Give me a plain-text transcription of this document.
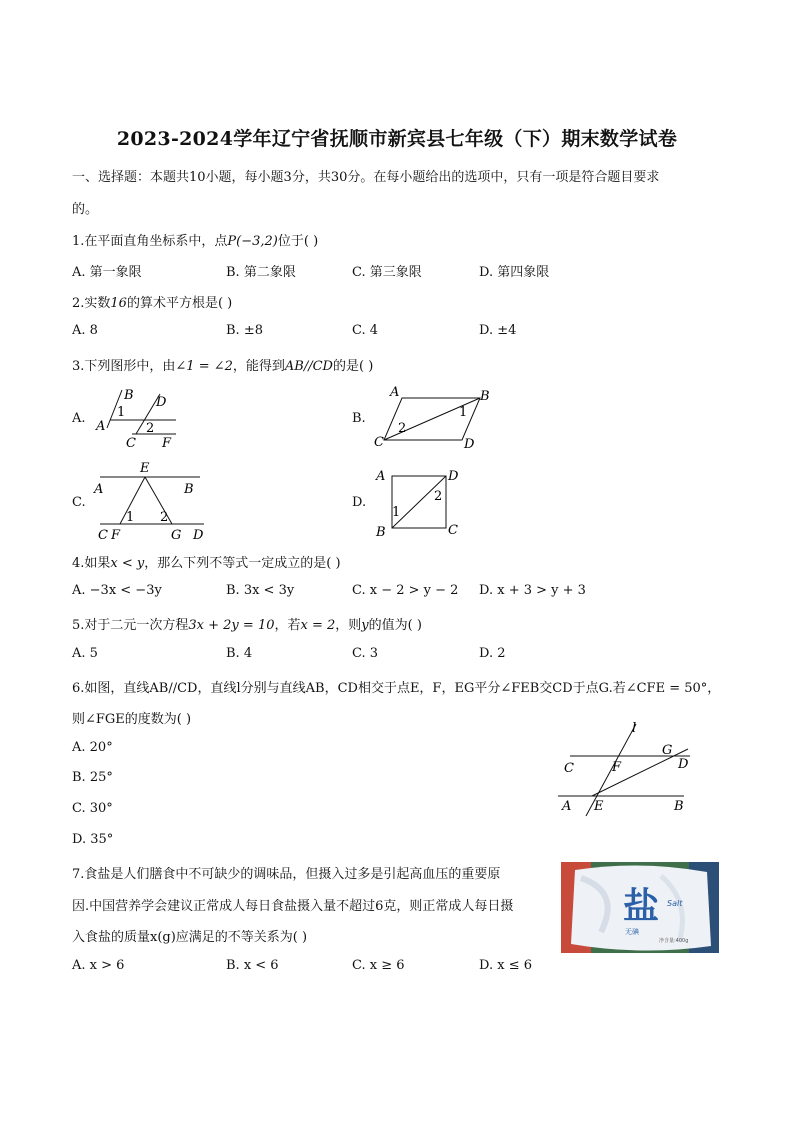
2023-2024学年辽宁省抚顺市新宾县七年级（下）期末数学试卷
一、选择题：本题共10小题，每小题3分，共30分。在每小题给出的选项中，只有一项是符合题目要求
的。
1.在平面直角坐标系中，点P(−3,2)位于( )
A. 第一象限	B. 第二象限	C. 第三象限	D. 第四象限
2.实数16的算术平方根是( )
A. 8	B. ±8	C. 4	D. ±4
3.下列图形中，由∠1 = ∠2，能得到AB//CD的是( )
A.
B D
1
A	2
C F
B.
A	B
1
2
C	D
C.
E
A	B
1 2
C F	G D
D.
A	D
2
1
B	C
4.如果x < y，那么下列不等式一定成立的是( )
A. −3x < −3y	B. 3x < 3y	C. x − 2 > y − 2 D. x + 3 > y + 3
5.对于二元一次方程3x + 2y = 10，若x = 2，则y的值为( )
A. 5	B. 4	C. 3	D. 2
6.如图，直线AB//CD，直线l分别与直线AB，CD相交于点E，F，EG平分∠FEB交CD于点G.若∠CFE = 50°，
则∠FGE的度数为( )
A. 20°
B. 25°
C. 30°
D. 35°
l
G
C	F	D
A E	B
7.食盐是人们膳食中不可缺少的调味品，但摄入过多是引起高血压的重要原
因.中国营养学会建议正常成人每日食盐摄入量不超过6克，则正常成人每日摄
入食盐的质量x(g)应满足的不等关系为( )
A. x > 6	B. x < 6	C. x ≥ 6	D. x ≤ 6
盐
无碘
Salt
净含量:400g
